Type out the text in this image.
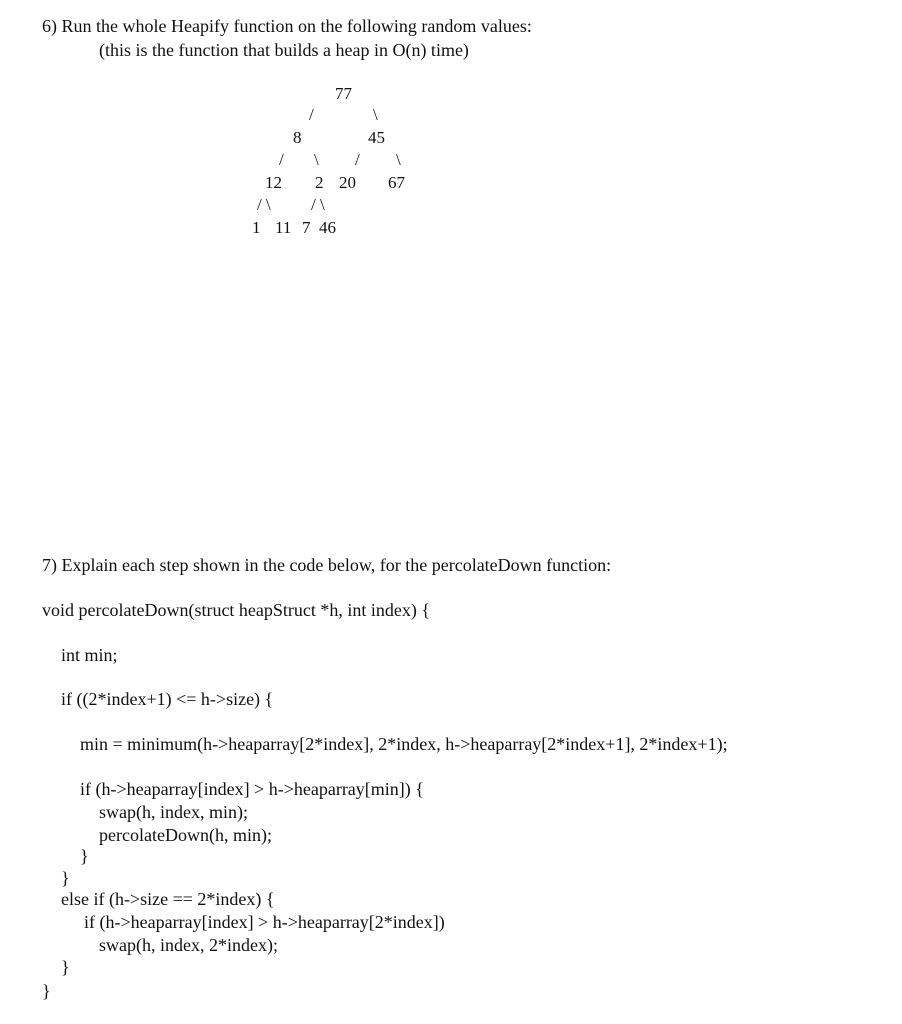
6) Run the whole Heapify function on the following random values:
(this is the function that builds a heap in O(n) time)
77
/	\
8	45
/ \ / \
12 2 20 67
/ \ / \
1 11 7 46
7) Explain each step shown in the code below, for the percolateDown function:
void percolateDown(struct heapStruct *h, int index) {
int min;
if ((2*index+1) <= h->size) {
min = minimum(h->heaparray[2*index], 2*index, h->heaparray[2*index+1], 2*index+1);
if (h->heaparray[index] > h->heaparray[min]) {
swap(h, index, min);
percolateDown(h, min);
}
}
else if (h->size == 2*index) {
if (h->heaparray[index] > h->heaparray[2*index])
swap(h, index, 2*index);
}
}
